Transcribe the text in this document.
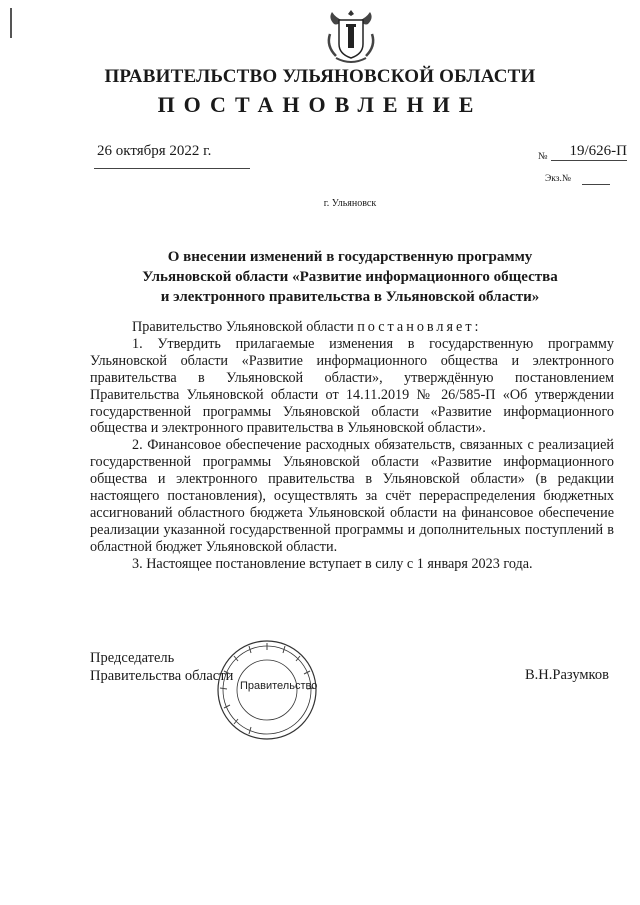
ПРАВИТЕЛЬСТВО УЛЬЯНОВСКОЙ ОБЛАСТИ
ПОСТАНОВЛЕНИЕ
26 октября 2022 г.	№	19/626-П
Экз.№
г. Ульяновск
О внесении изменений в государственную программу
Ульяновской области «Развитие информационного общества
и электронного правительства в Ульяновской области»

Правительство Ульяновской области постановляет:

1. Утвердить прилагаемые изменения в государственную программу Ульяновской области «Развитие информационного общества и электронного правительства в Ульяновской области», утверждённую постановлением Правительства Ульяновской области от 14.11.2019 № 26/585-П «Об утверждении государственной программы Ульяновской области «Развитие информационного общества и электронного правительства в Ульяновской области».

2. Финансовое обеспечение расходных обязательств, связанных с реализацией государственной программы Ульяновской области «Развитие информационного общества и электронного правительства в Ульяновской области» (в редакции настоящего постановления), осуществлять за счёт перераспределения бюджетных ассигнований областного бюджета Ульяновской области на финансовое обеспечение реализации указанной государственной программы и дополнительных поступлений в областной бюджет Ульяновской области.

3. Настоящее постановление вступает в силу с 1 января 2023 года.

Председатель
Правительства области
Правительство
В.Н.Разумков
